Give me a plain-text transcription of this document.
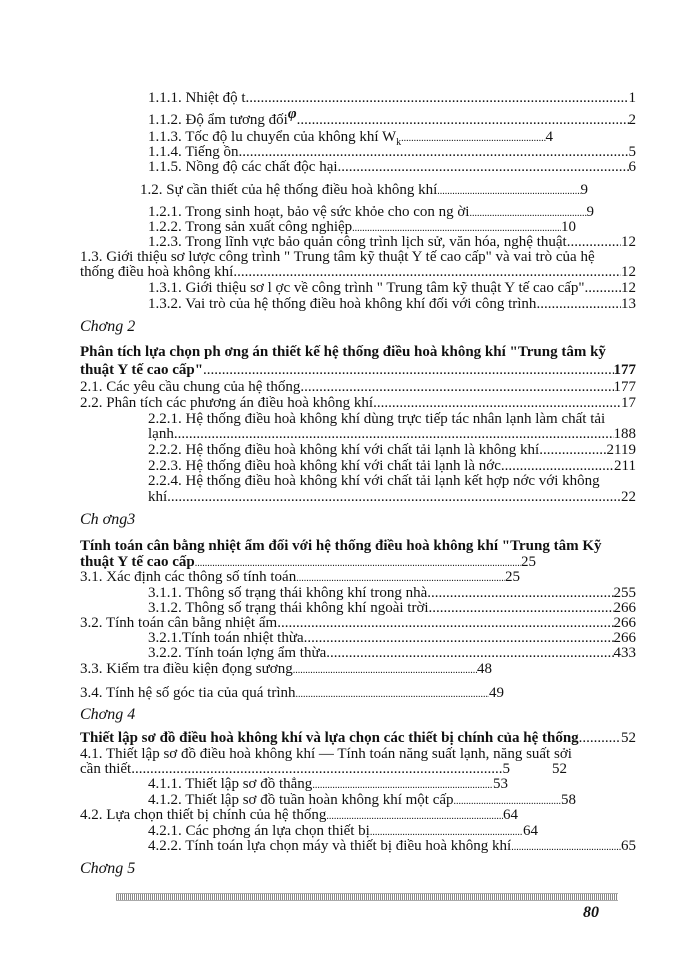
1.1.1. Nhiệt độ t .....	1
1.1.2. Độ ẩm tương đối φ .....	2
1.1.3. Tốc độ lu chuyển của không khí W k .....	4
1.1.4. Tiếng ồn .....	5
1.1.5. Nồng độ các chất độc hại .....	6
1.2. Sự cần thiết của hệ thống điều hoà không khí .....	9
1.2.1. Trong sinh hoạt, bảo vệ sức khỏe cho con ng ời .....	9
1.2.2. Trong sản xuất công nghiệp .....	10
1.2.3. Trong lĩnh vực bảo quản công trình lịch sử, văn hóa, nghệ thuật .....	12
1.3. Giới thiệu sơ lược công trình " Trung tâm kỹ thuật Y tế cao cấp" và vai trò của hệ
thống điều hoà không khí. .....	12
1.3.1. Giới thiệu sơ l ợc về công trình " Trung tâm kỹ thuật Y tế cao cấp" ..... 12
1.3.2. Vai trò của hệ thống điều hoà không khí đối với công trình .....	13
Chơng 2
Phân tích lựa chọn ph ơng án thiết kế hệ thống điều hoà không khí "Trung tâm kỹ
thuật Y tế cao cấp" .....	177
2.1. Các yêu cầu chung của hệ thống .....	177
2.2. Phân tích các phương án điều hoà không khí .....	17
2.2.1. Hệ thống điều hoà không khí dùng trực tiếp tác nhân lạnh làm chất tải
lạnh .....	188
2.2.2. Hệ thống điều hoà không khí với chất tải lạnh là không khí .....	2119
2.2.3. Hệ thống điều hoà không khí với chất tải lạnh là nớc .....	211
2.2.4. Hệ thống điều hoà không khí với chất tải lạnh kết hợp nớc với không
khí .....	22
Ch ơng3
Tính toán cân bằng nhiệt ẩm đối với hệ thống điều hoà không khí "Trung tâm Kỹ
thuật Y tế cao cấp .....	25
3.1. Xác định các thông số tính toán .....	25
3.1.1. Thông số trạng thái không khí trong nhà .....	255
3.1.2. Thông số trạng thái không khí ngoài trời .....	266
3.2. Tính toán cân bằng nhiệt ẩm .....	266
3.2.1.Tính toán nhiệt thừa .....	266
3.2.2. Tính toán lợng ẩm thừa .....	433
3.3. Kiểm tra điều kiện đọng sương .....	48
3.4. Tính hệ số góc tia của quá trình .....	49
Chơng 4
Thiết lập sơ đồ điều hoà không khí và lựa chọn các thiết bị chính của hệ thống .....	52
4.1. Thiết lập sơ đồ điều hoà không khí — Tính toán năng suất lạnh, năng suất sởi
cần thiết .....	5	52
4.1.1. Thiết lập sơ đồ thẳng .....	53
4.1.2. Thiết lập sơ đồ tuần hoàn không khí một cấp .....	58
4.2. Lựa chọn thiết bị chính của hệ thống .....	64
4.2.1. Các phơng án lựa chọn thiết bị .....	64
4.2.2. Tính toán lựa chọn máy và thiết bị điều hoà không khí .....	65
Chơng 5
80
